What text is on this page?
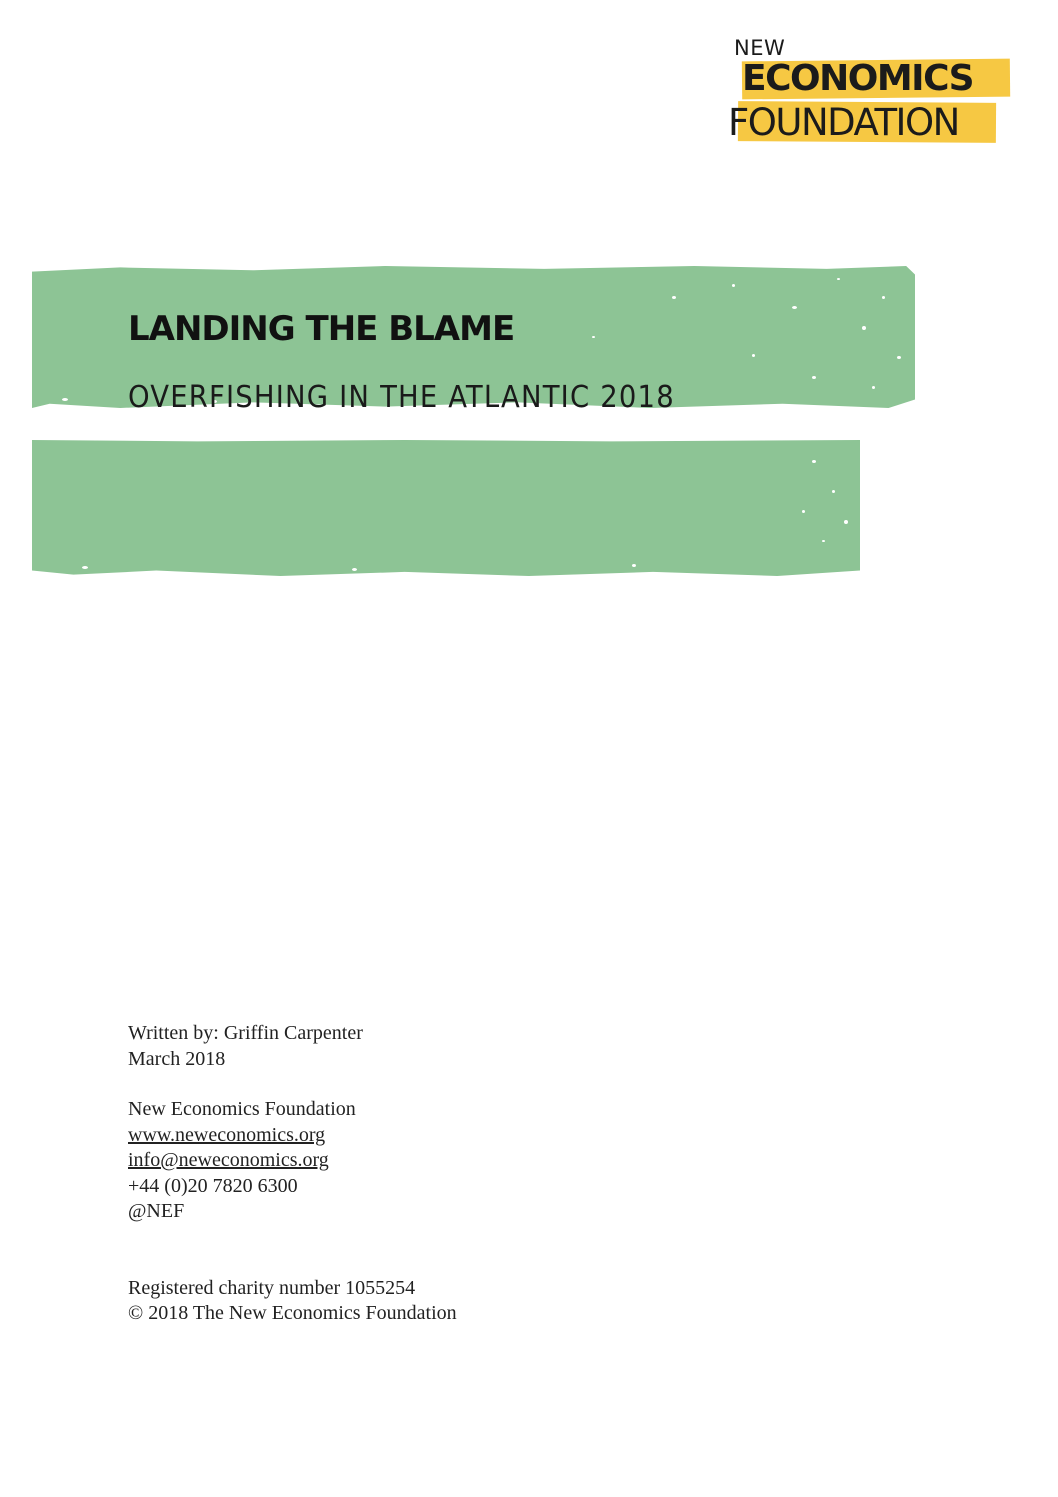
NEW
ECONOMICS
FOUNDATION
LANDING THE BLAME
OVERFISHING IN THE ATLANTIC 2018
Written by: Griffin Carpenter
March 2018
New Economics Foundation
www.neweconomics.org
info@neweconomics.org
+44 (0)20 7820 6300
@NEF
Registered charity number 1055254
© 2018 The New Economics Foundation
